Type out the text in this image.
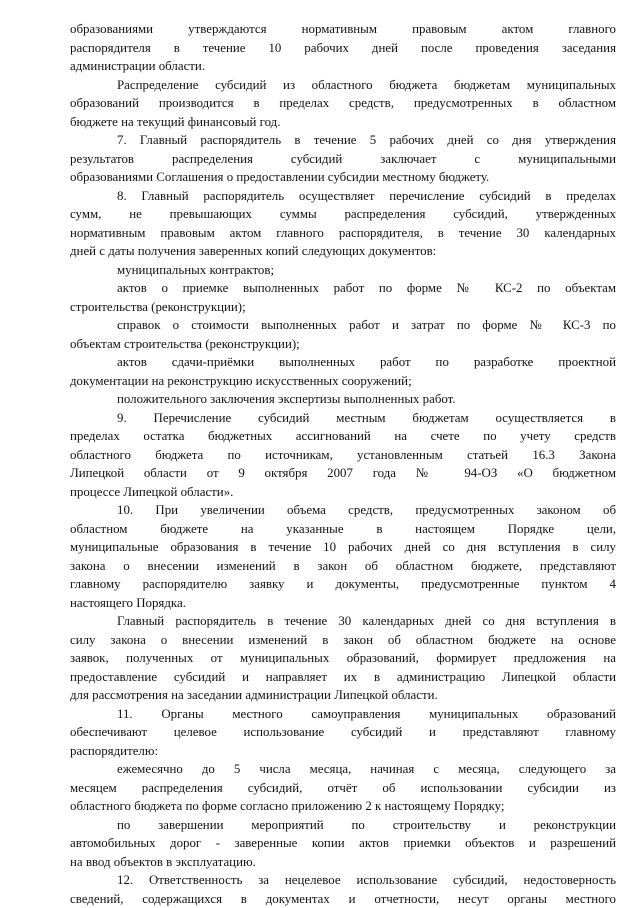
образованиями утверждаются нормативным правовым актом главного
распорядителя в течение 10 рабочих дней после проведения заседания
администрации области.
Распределение субсидий из областного бюджета бюджетам муниципальных
образований производится в пределах средств, предусмотренных в областном
бюджете на текущий финансовый год.
7. Главный распорядитель в течение 5 рабочих дней со дня утверждения
результатов распределения субсидий заключает с муниципальными
образованиями Соглашения о предоставлении субсидии местному бюджету.
8. Главный распорядитель осуществляет перечисление субсидий в пределах
сумм, не превышающих суммы распределения субсидий, утвержденных
нормативным правовым актом главного распорядителя, в течение 30 календарных
дней с даты получения заверенных копий следующих документов:
муниципальных контрактов;
актов о приемке выполненных работ по форме № КС-2 по объектам
строительства (реконструкции);
справок о стоимости выполненных работ и затрат по форме № КС-3 по
объектам строительства (реконструкции);
актов сдачи-приёмки выполненных работ по разработке проектной
документации на реконструкцию искусственных сооружений;
положительного заключения экспертизы выполненных работ.
9. Перечисление субсидий местным бюджетам осуществляется в
пределах остатка бюджетных ассигнований на счете по учету средств
областного бюджета по источникам, установленным статьей 16.3 Закона
Липецкой области от 9 октября 2007 года № 94-ОЗ «О бюджетном
процессе Липецкой области».
10. При увеличении объема средств, предусмотренных законом об
областном бюджете на указанные в настоящем Порядке цели,
муниципальные образования в течение 10 рабочих дней со дня вступления в силу
закона о внесении изменений в закон об областном бюджете, представляют
главному распорядителю заявку и документы, предусмотренные пунктом 4
настоящего Порядка.
Главный распорядитель в течение 30 календарных дней со дня вступления в
силу закона о внесении изменений в закон об областном бюджете на основе
заявок, полученных от муниципальных образований, формирует предложения на
предоставление субсидий и направляет их в администрацию Липецкой области
для рассмотрения на заседании администрации Липецкой области.
11. Органы местного самоуправления муниципальных образований
обеспечивают целевое использование субсидий и представляют главному
распорядителю:
ежемесячно до 5 числа месяца, начиная с месяца, следующего за
месяцем распределения субсидий, отчёт об использовании субсидии из
областного бюджета по форме согласно приложению 2 к настоящему Порядку;
по завершении мероприятий по строительству и реконструкции
автомобильных дорог - заверенные копии актов приемки объектов и разрешений
на ввод объектов в эксплуатацию.
12. Ответственность за нецелевое использование субсидий, недостоверность
сведений, содержащихся в документах и отчетности, несут органы местного
